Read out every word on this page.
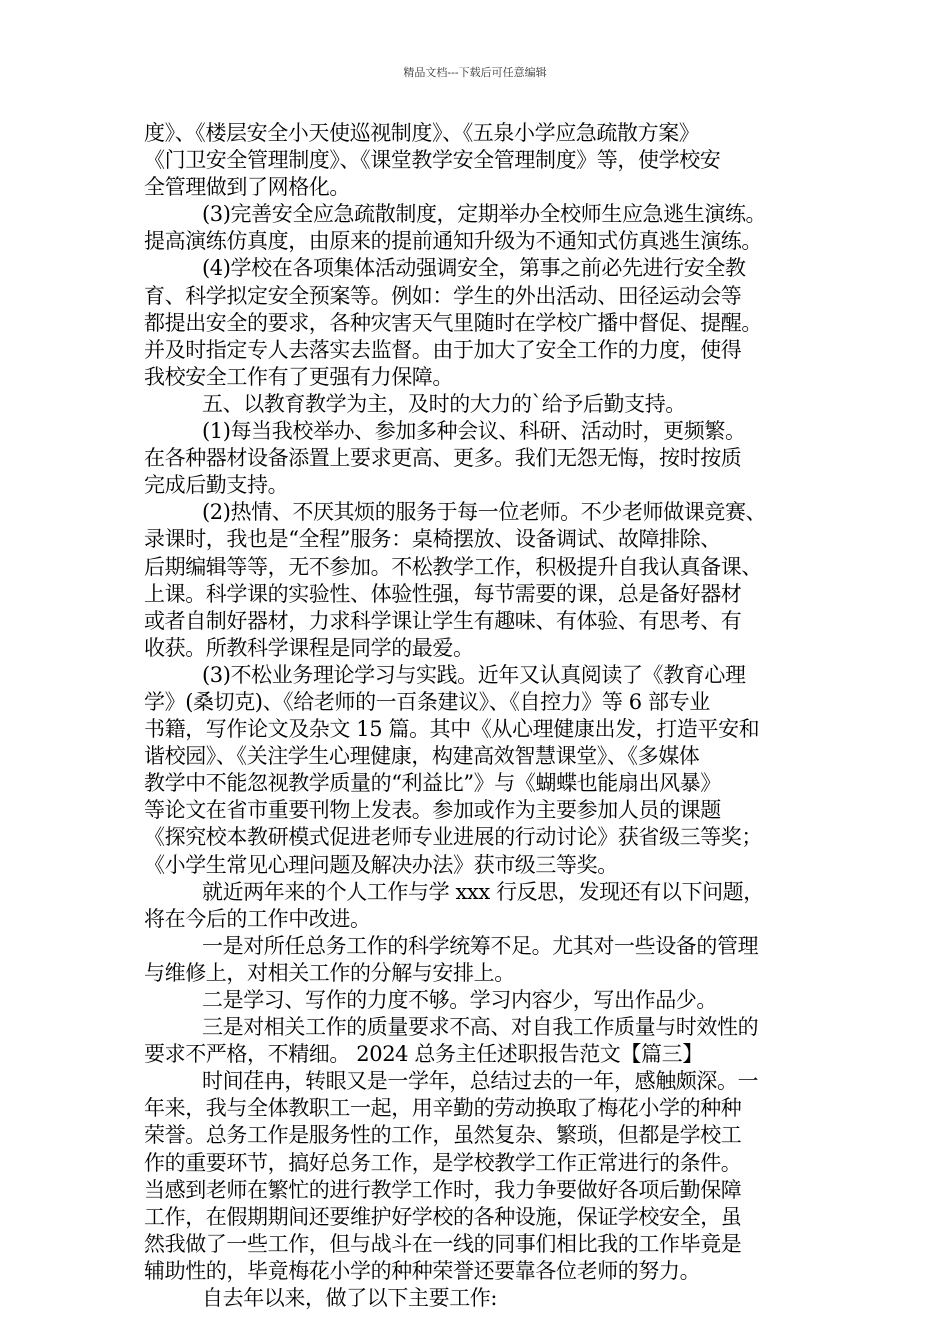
精品文档---下载后可任意编辑
度》、《楼层安全小天使巡视制度》、《五泉小学应急疏散方案》
《门卫安全管理制度》、《课堂教学安全管理制度》等，使学校安
全管理做到了网格化。
(3)完善安全应急疏散制度，定期举办全校师生应急逃生演练。
提高演练仿真度，由原来的提前通知升级为不通知式仿真逃生演练。
(4)学校在各项集体活动强调安全，第事之前必先进行安全教
育、科学拟定安全预案等。例如：学生的外出活动、田径运动会等
都提出安全的要求，各种灾害天气里随时在学校广播中督促、提醒。
并及时指定专人去落实去监督。由于加大了安全工作的力度，使得
我校安全工作有了更强有力保障。
五、以教育教学为主，及时的大力的`给予后勤支持。
(1)每当我校举办、参加多种会议、科研、活动时，更频繁。
在各种器材设备添置上要求更高、更多。我们无怨无悔，按时按质
完成后勤支持。
(2)热情、不厌其烦的服务于每一位老师。不少老师做课竞赛、
录课时，我也是“全程”服务：桌椅摆放、设备调试、故障排除、
后期编辑等等，无不参加。不松教学工作，积极提升自我认真备课、
上课。科学课的实验性、体验性强，每节需要的课，总是备好器材
或者自制好器材，力求科学课让学生有趣味、有体验、有思考、有
收获。所教科学课程是同学的最爱。
(3)不松业务理论学习与实践。近年又认真阅读了《教育心理
学》(桑切克)、《给老师的一百条建议》、《自控力》等 6 部专业
书籍，写作论文及杂文 15 篇。其中《从心理健康出发，打造平安和
谐校园》、《关注学生心理健康，构建高效智慧课堂》、《多媒体
教学中不能忽视教学质量的“利益比”》与《蝴蝶也能扇出风暴》
等论文在省市重要刊物上发表。参加或作为主要参加人员的课题
《探究校本教研模式促进老师专业进展的行动讨论》获省级三等奖；
《小学生常见心理问题及解决办法》获市级三等奖。
就近两年来的个人工作与学 xxx 行反思，发现还有以下问题，
将在今后的工作中改进。
一是对所任总务工作的科学统筹不足。尤其对一些设备的管理
与维修上，对相关工作的分解与安排上。
二是学习、写作的力度不够。学习内容少，写出作品少。
三是对相关工作的质量要求不高、对自我工作质量与时效性的
要求不严格，不精细。 2024 总务主任述职报告范文【篇三】
时间荏冉，转眼又是一学年，总结过去的一年，感触颇深。一
年来，我与全体教职工一起，用辛勤的劳动换取了梅花小学的种种
荣誉。总务工作是服务性的工作，虽然复杂、繁琐，但都是学校工
作的重要环节，搞好总务工作，是学校教学工作正常进行的条件。
当感到老师在繁忙的进行教学工作时，我力争要做好各项后勤保障
工作，在假期期间还要维护好学校的各种设施，保证学校安全，虽
然我做了一些工作，但与战斗在一线的同事们相比我的工作毕竟是
辅助性的，毕竟梅花小学的种种荣誉还要靠各位老师的努力。
自去年以来，做了以下主要工作:
